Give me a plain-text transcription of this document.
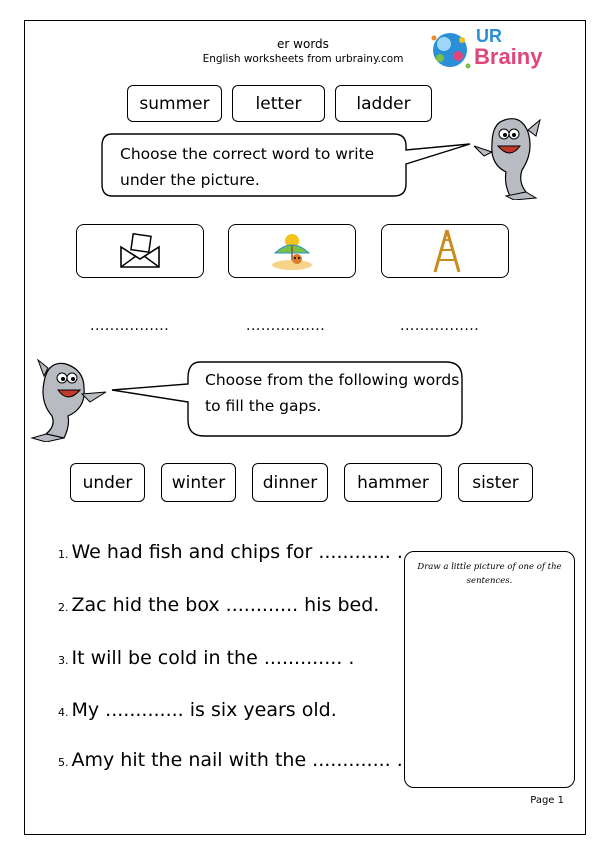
er words
English worksheets from urbrainy.com
UR
Brainy
summer	letter	ladder
Choose the correct word to write
under the picture.
................	................	................
Choose from the following words
to fill the gaps.
under	winter	dinner	hammer	sister
1. We had fish and chips for ............ .
2. Zac hid the box ............ his bed.
3. It will be cold in the ............. .
4. My ............. is six years old.
5. Amy hit the nail with the ............. .
Draw a little picture of one of the sentences.
Page 1
